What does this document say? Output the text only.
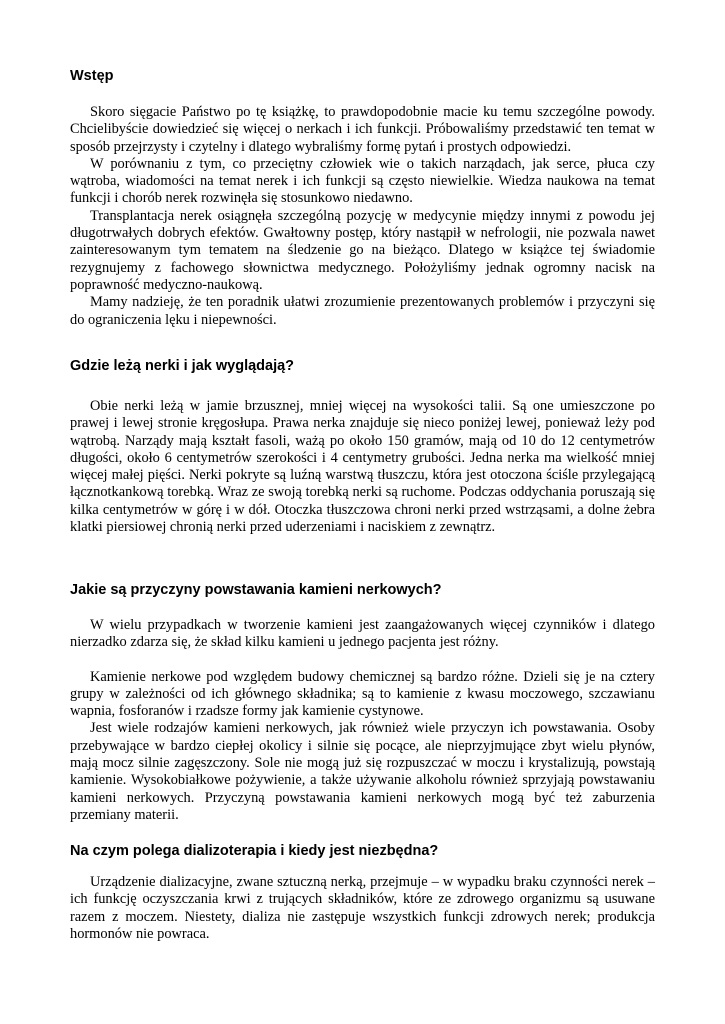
Wstęp

Skoro sięgacie Państwo po tę książkę, to prawdopodobnie macie ku temu szczególne powody. Chcielibyście dowiedzieć się więcej o nerkach i ich funkcji. Próbowaliśmy przedstawić ten temat w sposób przejrzysty i czytelny i dlatego wybraliśmy formę pytań i prostych odpowiedzi.

W porównaniu z tym, co przeciętny człowiek wie o takich narządach, jak serce, płuca czy wątroba, wiadomości na temat nerek i ich funkcji są często niewielkie. Wiedza naukowa na temat funkcji i chorób nerek rozwinęła się stosunkowo niedawno.

Transplantacja nerek osiągnęła szczególną pozycję w medycynie między innymi z powodu jej długotrwałych dobrych efektów. Gwałtowny postęp, który nastąpił w nefrologii, nie pozwala nawet zainteresowanym tym tematem na śledzenie go na bieżąco. Dlatego w książce tej świadomie rezygnujemy z fachowego słownictwa medycznego. Położyliśmy jednak ogromny nacisk na poprawność medyczno-naukową.

Mamy nadzieję, że ten poradnik ułatwi zrozumienie prezentowanych problemów i przyczyni się do ograniczenia lęku i niepewności.

Gdzie leżą nerki i jak wyglądają?

Obie nerki leżą w jamie brzusznej, mniej więcej na wysokości talii. Są one umieszczone po prawej i lewej stronie kręgosłupa. Prawa nerka znajduje się nieco poniżej lewej, ponieważ leży pod wątrobą. Narządy mają kształt fasoli, ważą po około 150 gramów, mają od 10 do 12 centymetrów długości, około 6 centymetrów szerokości i 4 centymetry grubości. Jedna nerka ma wielkość mniej więcej małej pięści. Nerki pokryte są luźną warstwą tłuszczu, która jest otoczona ściśle przylegającą łącznotkankową torebką. Wraz ze swoją torebką nerki są ruchome. Podczas oddychania poruszają się kilka centymetrów w górę i w dół. Otoczka tłuszczowa chroni nerki przed wstrząsami, a dolne żebra klatki piersiowej chronią nerki przed uderzeniami i naciskiem z zewnątrz.

Jakie są przyczyny powstawania kamieni nerkowych?

W wielu przypadkach w tworzenie kamieni jest zaangażowanych więcej czynników i dlatego nierzadko zdarza się, że skład kilku kamieni u jednego pacjenta jest różny.

Kamienie nerkowe pod względem budowy chemicznej są bardzo różne. Dzieli się je na cztery grupy w zależności od ich głównego składnika; są to kamienie z kwasu moczowego, szczawianu wapnia, fosforanów i rzadsze formy jak kamienie cystynowe.

Jest wiele rodzajów kamieni nerkowych, jak również wiele przyczyn ich powstawania. Osoby przebywające w bardzo ciepłej okolicy i silnie się pocące, ale nieprzyjmujące zbyt wielu płynów, mają mocz silnie zagęszczony. Sole nie mogą już się rozpuszczać w moczu i krystalizują, powstają kamienie. Wysokobiałkowe pożywienie, a także używanie alkoholu również sprzyjają powstawaniu kamieni nerkowych. Przyczyną powstawania kamieni nerkowych mogą być też zaburzenia przemiany materii.

Na czym polega dializoterapia i kiedy jest niezbędna?

Urządzenie dializacyjne, zwane sztuczną nerką, przejmuje – w wypadku braku czynności nerek – ich funkcję oczyszczania krwi z trujących składników, które ze zdrowego organizmu są usuwane razem z moczem. Niestety, dializa nie zastępuje wszystkich funkcji zdrowych nerek; produkcja hormonów nie powraca.
